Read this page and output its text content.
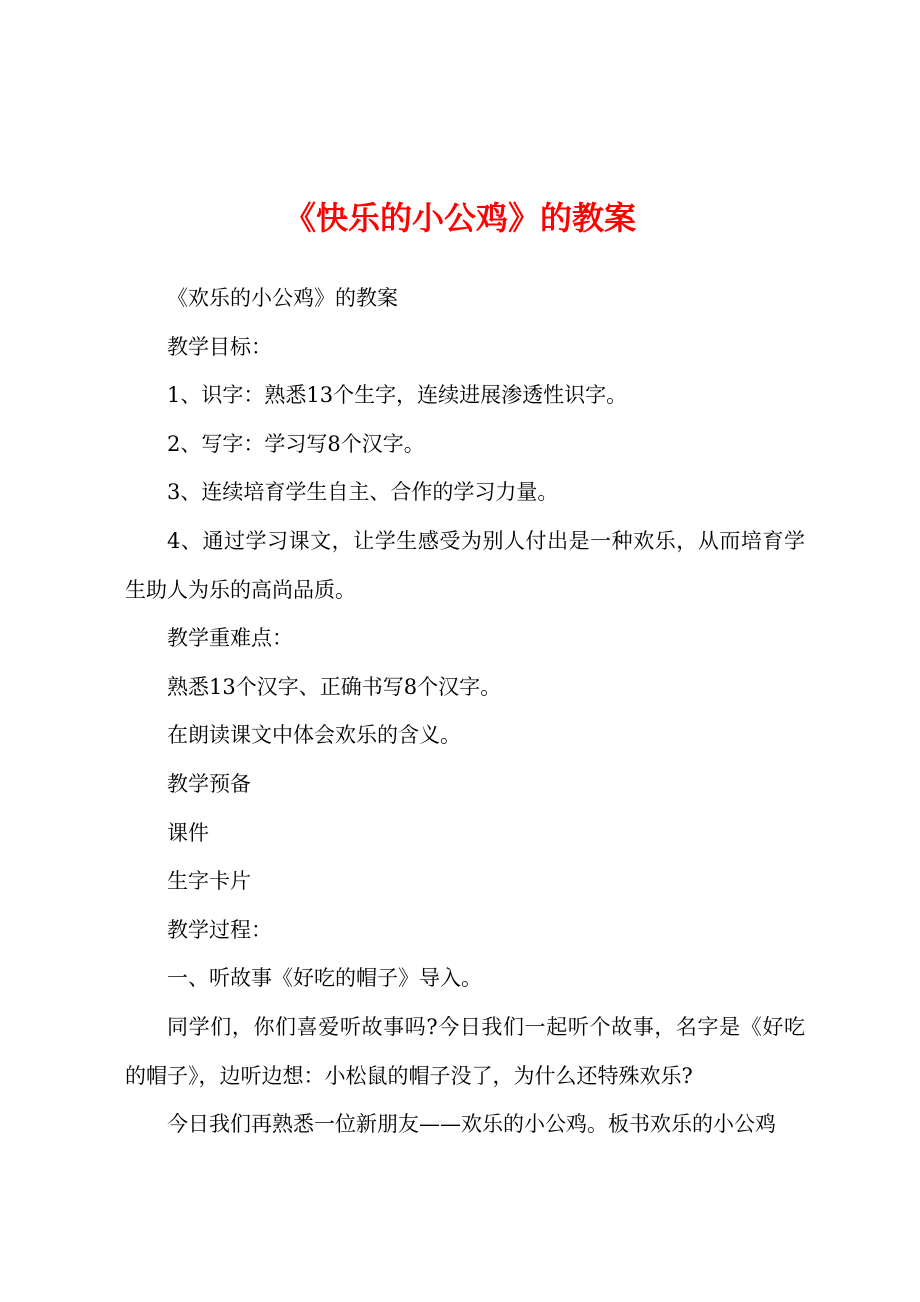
《快乐的小公鸡》的教案

《欢乐的小公鸡》的教案

教学目标：

1、识字：熟悉13个生字，连续进展渗透性识字。

2、写字：学习写8个汉字。

3、连续培育学生自主、合作的学习力量。

4、通过学习课文，让学生感受为别人付出是一种欢乐，从而培育学生助人为乐的高尚品质。

教学重难点：

熟悉13个汉字、正确书写8个汉字。

在朗读课文中体会欢乐的含义。

教学预备

课件

生字卡片

教学过程：

一、听故事《好吃的帽子》导入。

同学们，你们喜爱听故事吗?今日我们一起听个故事，名字是《好吃的帽子》，边听边想：小松鼠的帽子没了，为什么还特殊欢乐?

今日我们再熟悉一位新朋友——欢乐的小公鸡。板书欢乐的小公鸡
